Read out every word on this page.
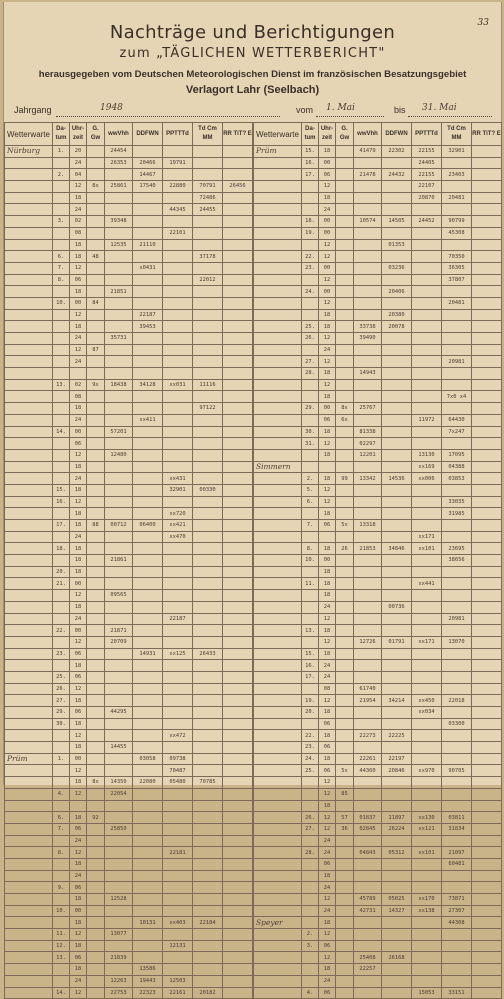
33
Nachträge und Berichtigungen
zum „TÄGLICHEN WETTERBERICHT"
herausgegeben vom Deutschen Meteorologischen Dienst im französischen Besatzungsgebiet
Verlagort Lahr (Seelbach)
Jahrgang	1948	vom 1. Mai	bis 31. Mai
Wetterwarte	Da-tum	Uhr-zeit	G. Gw	wwVhh	DDFWN	PPTTTd	Td Cm MM	RR TiT? E
Nürburg	1.	20		24454				
		24		26353	20466	19791		
	2.	04			14467			
		12	8x	25861	17540	22880	70791	26456
		18					72486	
		24				44345	24455	
	3.	02		39348				
		08				22101		
		18		12535	21110			
	6.	18	48				37178	
	7.	12			x0431			
	8.	06					22012	
		18		21851				
	10.	00	84					
		12			22187			
		18			39453			
		24		35731				
		12	87					
		24						

	13.	02	9x	18438	34128	xx031	11116	
		08						
		18					97122	
		24			xx411			
	14.	00		57201				
		06						
		12		12480				
		18						
		24				xx431		
	15.	18				32901	00330	
	16.	12						
		18				xx720		
	17.	18	88	00712	06400	xx421		
		24				xx470		
	18.	18						
		18		21861				
	20.	18						
	21.	00						
		12		09565				
		18						
		24				22187		
	22.	00		21871				
		12		20709				
	23.	06			14931	xx125	26433	
		18						
	25.	06						
	26.	12						
	27.	18						
	29.	06		44295				
	30.	18						
		12				xx472		
		18		14455				
Prüm	1.	00			03058	09738		
		12				70487		
		18	8x	14350	22080	05480	70785	
	4.	12		22054				

	6.	18	92					
	7.	06		25850				
		24						
	8.	12				22181		
		18						
		24						
	9.	06						
		18		12528				
	10.	00						
		18			10131	xx403	22184	
	11.	12		13077				
	12.	18				12131		
	13.	06		21839				
		18			13586			
		24		12263	19443	12503		
	14.	12		22753	22323	22161	20182	
Wetterwarte	Da-tum	Uhr-zeit	G. Gw	wwVhh	DDFWN	PPTTTd	Td Cm MM	RR TiT? E
Prüm	15.	18		41479	22302	22155	32901	
	16.	00				24405		
	17.	06		21478	24432	22155	23403	
		12				22107		
		18				20870	20481	
		24						
	18.	00		10574	14505	24452	90799	
	19.	00					45308	
		12			01353			
	22.	12					70350	
	23.	00			03236		36305	
		12					37807	
	24.	00			20406			
		12					20481	
		18			20380			
	25.	18		33738	20078			
	26.	12		39490				
		24						
	27.	12					20981	
	28.	18		14943				
		12						
		18					7x0 x4	
	29.	00	8x	25767				
		06	6x			11972	64430	
	30.	18		81338			7x247	
	31.	12		02297				
		18		12201		13130	17095	
Simmern						xx169	04388	
	2.	18	99	13342	14536	xx006	03853	
	5.	12						
	6.	12					33035	
		18					31985	
	7.	06	5x	13318				
						xx171		
	8.	18	26	21853	34846	xx101	23695	
	10.	00					38656	
		18						
	11.	18				xx441		
		18						
		24			00736			
		12					20981	
	13.	18						
		12		12726	01791	xx171	13070	
	15.	18						
	16.	24						
	17.	24						
		08		61740				
	19.	12		21954	34214	xx450	22018	
	20.	18				xx034		
		06					03300	
	22.	18		22273	22225			
	23.	06						
	24.	18		22261	22197			
	25.	06	5x	44360	20846	xx970	90705	
		12						
		12	85					
		18						
	26.	12	57	01837	11897	xx130	03811	
	27.	12	36	02845	26224	xx121	31834	
		24						
	28.	24		04843	05312	xx101	21097	
		06					60481	
		18						
		24						
		12		45789	05025	xx170	73871	
		24		42731	14327	xx138	27307	
Speyer		18					44308	
	2.	12						
	3.	06						
		12		25408	26168			
		18		22257				
		24						
	4.	06				15053	33151	
